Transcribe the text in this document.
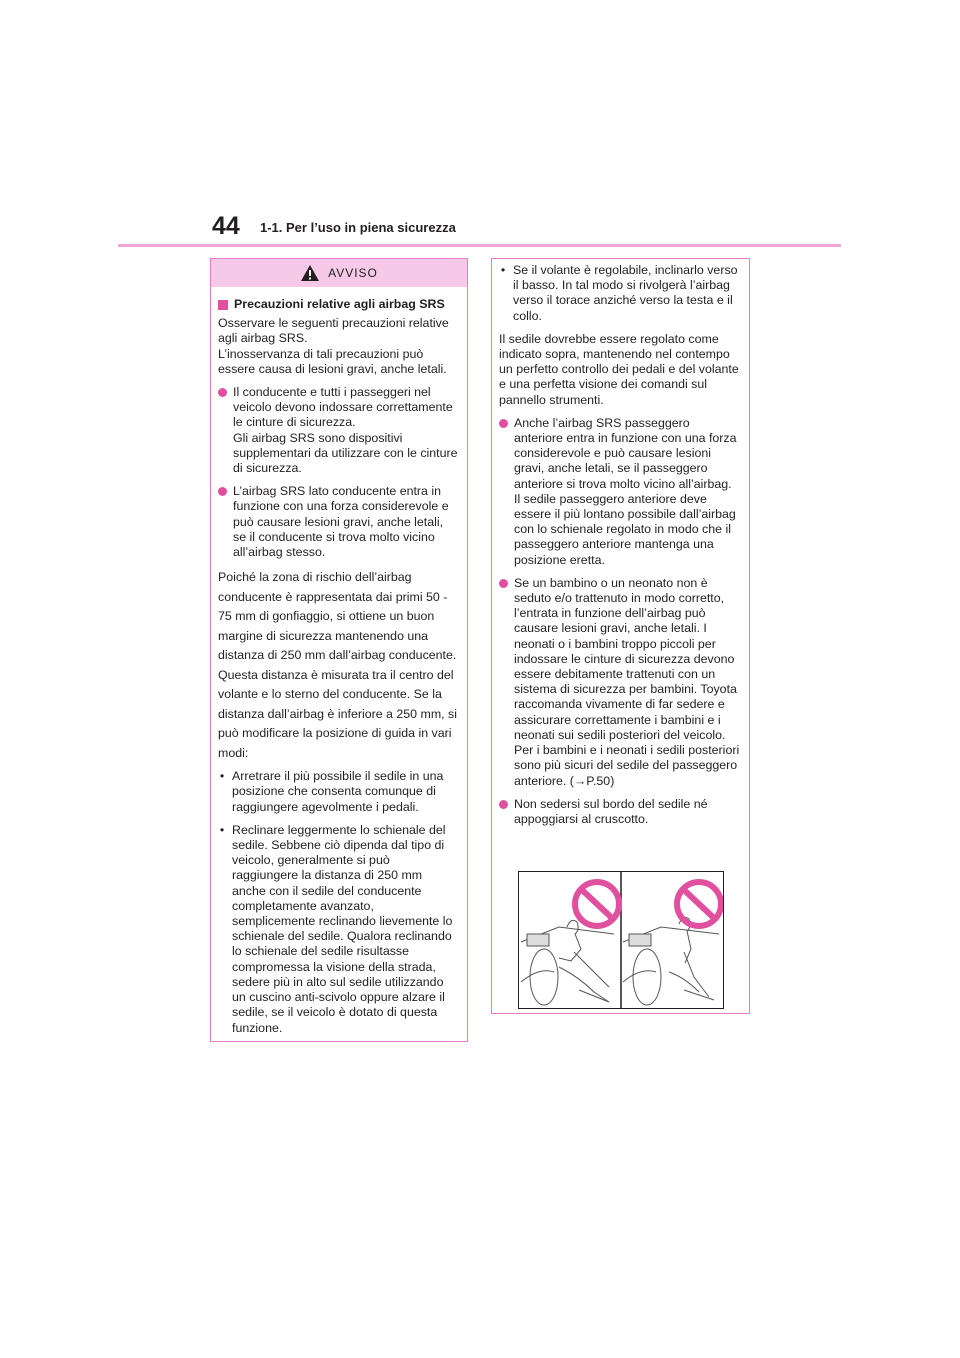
44 1-1. Per l’uso in piena sicurezza
AVVISO
Precauzioni relative agli airbag SRS

Osservare le seguenti precauzioni relative agli airbag SRS.
L’inosservanza di tali precauzioni può essere causa di lesioni gravi, anche letali.

Il conducente e tutti i passeggeri nel veicolo devono indossare correttamente le cinture di sicurezza.
Gli airbag SRS sono dispositivi supplementari da utilizzare con le cinture di sicurezza.
L’airbag SRS lato conducente entra in funzione con una forza considerevole e può causare lesioni gravi, anche letali, se il conducente si trova molto vicino all’airbag stesso.

Poiché la zona di rischio dell’airbag conducente è rappresentata dai primi 50 - 75 mm di gonfiaggio, si ottiene un buon margine di sicurezza mantenendo una distanza di 250 mm dall’airbag conducente. Questa distanza è misurata tra il centro del volante e lo sterno del conducente. Se la distanza dall’airbag è inferiore a 250 mm, si può modificare la posizione di guida in vari modi:

• Arretrare il più possibile il sedile in una posizione che consenta comunque di raggiungere agevolmente i pedali.
• Reclinare leggermente lo schienale del sedile. Sebbene ciò dipenda dal tipo di veicolo, generalmente si può raggiungere la distanza di 250 mm anche con il sedile del conducente completamente avanzato, semplicemente reclinando lievemente lo schienale del sedile. Qualora reclinando lo schienale del sedile risultasse compromessa la visione della strada, sedere più in alto sul sedile utilizzando un cuscino anti-scivolo oppure alzare il sedile, se il veicolo è dotato di questa funzione.
• Se il volante è regolabile, inclinarlo verso il basso. In tal modo si rivolgerà l’airbag verso il torace anziché verso la testa e il collo.

Il sedile dovrebbe essere regolato come indicato sopra, mantenendo nel contempo un perfetto controllo dei pedali e del volante e una perfetta visione dei comandi sul pannello strumenti.

Anche l’airbag SRS passeggero anteriore entra in funzione con una forza considerevole e può causare lesioni gravi, anche letali, se il passeggero anteriore si trova molto vicino all’airbag. Il sedile passeggero anteriore deve essere il più lontano possibile dall’airbag con lo schienale regolato in modo che il passeggero anteriore mantenga una posizione eretta.
Se un bambino o un neonato non è seduto e/o trattenuto in modo corretto, l’entrata in funzione dell’airbag può causare lesioni gravi, anche letali. I neonati o i bambini troppo piccoli per indossare le cinture di sicurezza devono essere debitamente trattenuti con un sistema di sicurezza per bambini. Toyota raccomanda vivamente di far sedere e assicurare correttamente i bambini e i neonati sui sedili posteriori del veicolo. Per i bambini e i neonati i sedili posteriori sono più sicuri del sedile del passeggero anteriore. (→P.50)
Non sedersi sul bordo del sedile né appoggiarsi al cruscotto.
